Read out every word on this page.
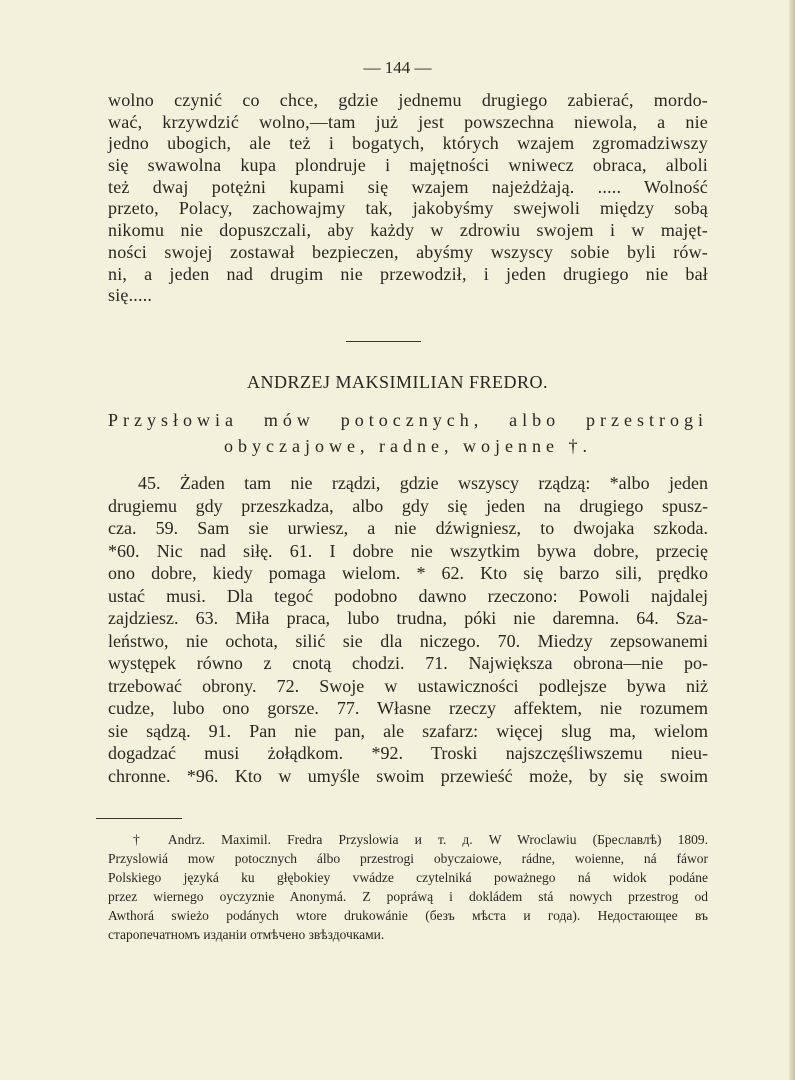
— 144 —
wolno czynić co chce, gdzie jednemu drugiego zabierać, mordo-
wać, krzywdzić wolno,—tam już jest powszechna niewola, a nie
jedno ubogich, ale też i bogatych, których wzajem zgromadziwszy
się swawolna kupa plondruje i majętności wniwecz obraca, alboli
też dwaj potężni kupami się wzajem najeżdżają. ..... Wolność
przeto, Polacy, zachowajmy tak, jakobyśmy swejwoli między sobą
nikomu nie dopuszczali, aby każdy w zdrowiu swojem i w majęt-
ności swojej zostawał bezpieczen, abyśmy wszyscy sobie byli rów-
ni, a jeden nad drugim nie przewodził, i jeden drugiego nie bał
się.....
ANDRZEJ MAKSIMILIAN FREDRO.
Przysłowia mów potocznych, albo przestrogi
obyczajowe, radne, wojenne †.
45. Żaden tam nie rządzi, gdzie wszyscy rządzą: *albo jeden
drugiemu gdy przeszkadza, albo gdy się jeden na drugiego spusz-
cza. 59. Sam sie urwiesz, a nie dźwigniesz, to dwojaka szkoda.
*60. Nic nad siłę. 61. I dobre nie wszytkim bywa dobre, przecię
ono dobre, kiedy pomaga wielom. * 62. Kto się barzo sili, prędko
ustać musi. Dla tegoć podobno dawno rzeczono: Powoli najdalej
zajdziesz. 63. Miła praca, lubo trudna, póki nie daremna. 64. Sza-
leństwo, nie ochota, silić sie dla niczego. 70. Miedzy zepsowanemi
występek równo z cnotą chodzi. 71. Największa obrona—nie po-
trzebować obrony. 72. Swoje w ustawiczności podlejsze bywa niż
cudze, lubo ono gorsze. 77. Własne rzeczy affektem, nie rozumem
sie sądzą. 91. Pan nie pan, ale szafarz: więcej slug ma, wielom
dogadzać musi żołądkom. *92. Troski najszczęśliwszemu nieu-
chronne. *96. Kto w umyśle swoim przewieść może, by się swoim
† Andrz. Maximil. Fredra Przyslowia и т. д. W Wroclawiu (Бреславлѣ) 1809.
Przyslowiá mow potocznych álbo przestrogi obyczaiowe, rádne, woienne, ná fáwor
Polskiego języká ku głębokiey vwádze czytelniká poważnego ná widok podáne
przez wiernego oyczyznie Anonymá. Z popráwą i dokládem stá nowych przestrog od
Awthorá swieżo podánych wtore drukowánie (безъ мѣста и года). Недостающее въ
старопечатномъ изданіи отмѣчено звѣздочками.
